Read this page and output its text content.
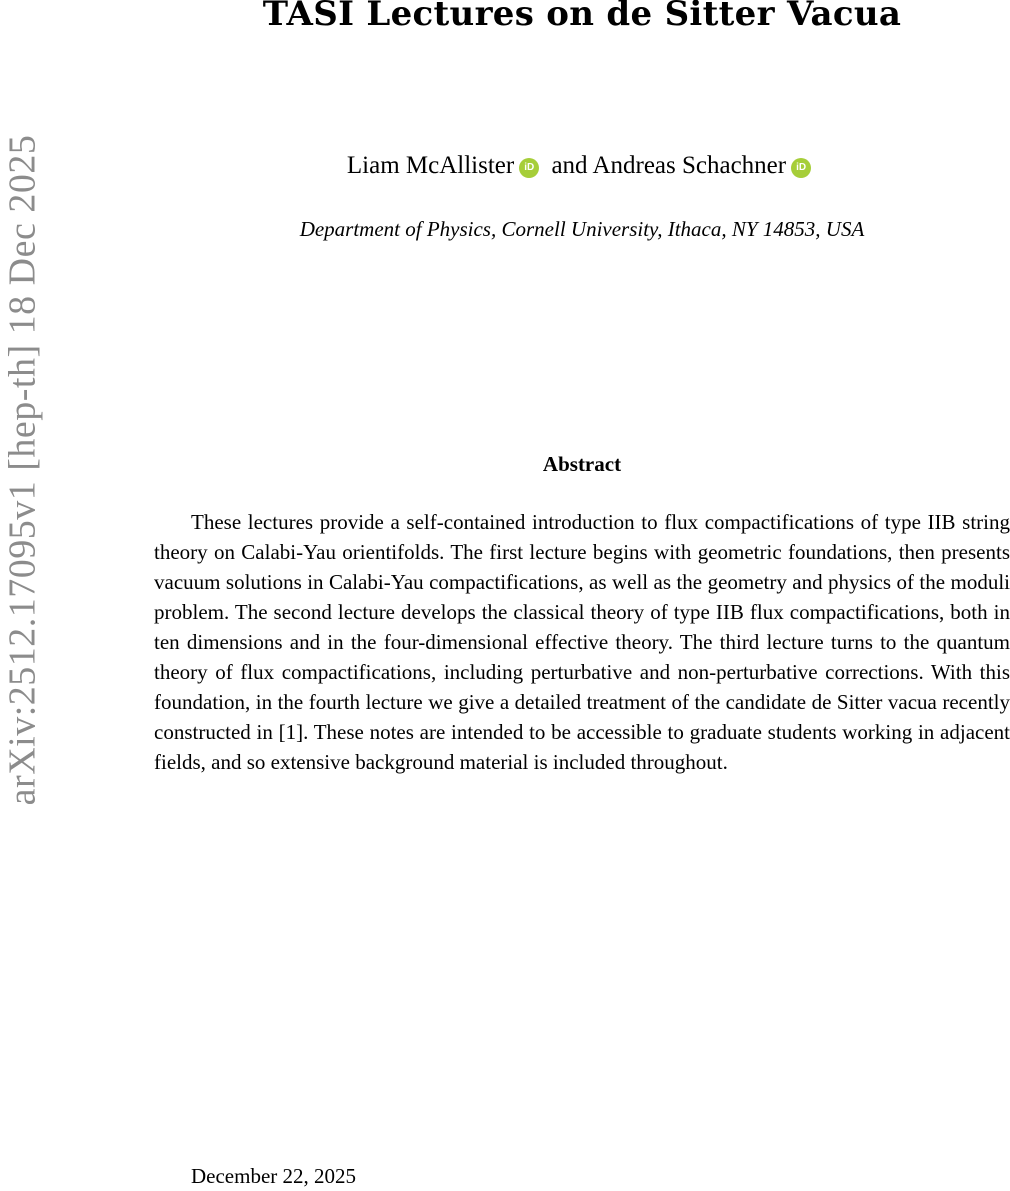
arXiv:2512.17095v1 [hep-th] 18 Dec 2025
TASI Lectures on de Sitter Vacua
Liam McAllister iD and Andreas Schachner iD
Department of Physics, Cornell University, Ithaca, NY 14853, USA
Abstract

These lectures provide a self-contained introduction to flux compactifications of type IIB string theory on Calabi-Yau orientifolds. The first lecture begins with geometric foundations, then presents vacuum solutions in Calabi-Yau compactifications, as well as the geometry and physics of the moduli problem. The second lecture develops the classical theory of type IIB flux compactifications, both in ten dimensions and in the four-dimensional effective theory. The third lecture turns to the quantum theory of flux compactifications, including perturbative and non-perturbative corrections. With this foundation, in the fourth lecture we give a detailed treatment of the candidate de Sitter vacua recently constructed in [1]. These notes are intended to be accessible to graduate students working in adjacent fields, and so extensive background material is included throughout.

December 22, 2025
